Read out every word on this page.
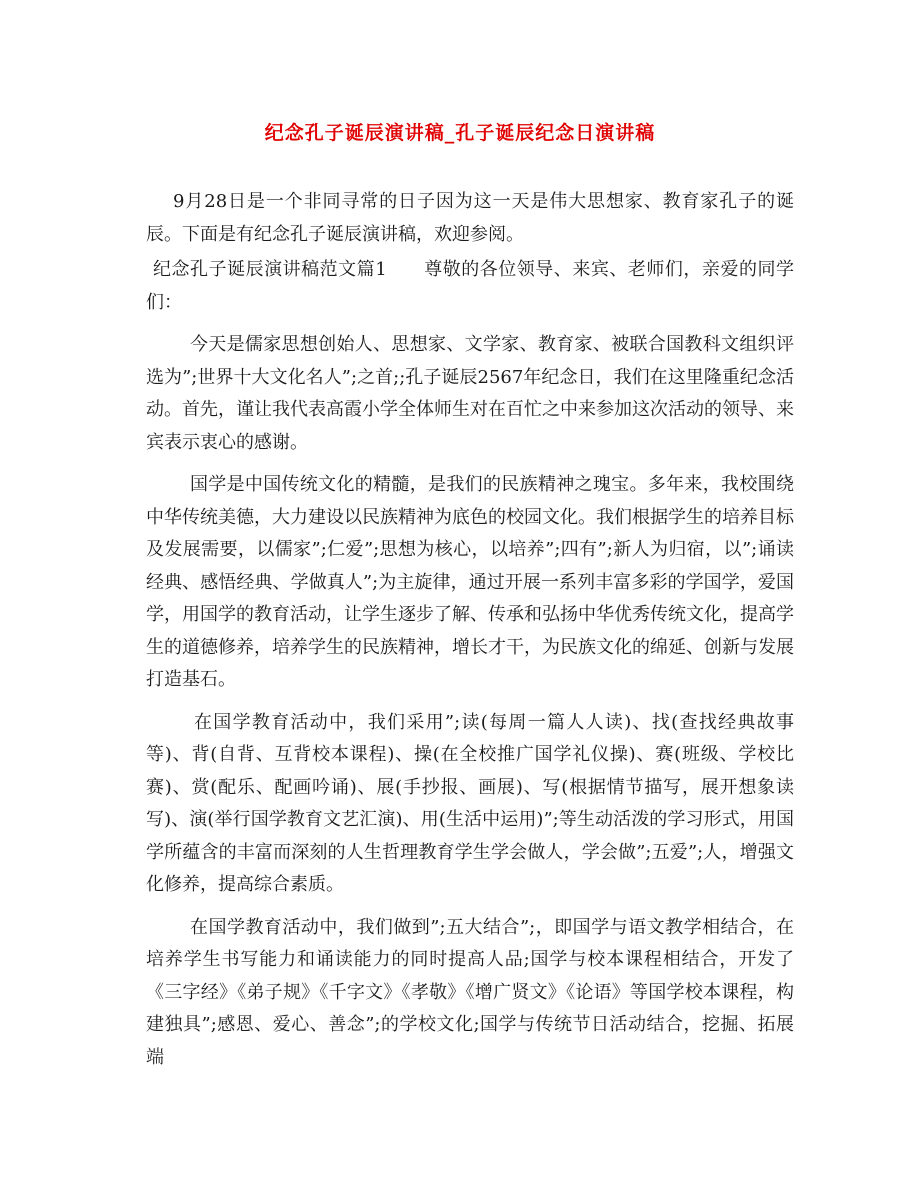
纪念孔子诞辰演讲稿_孔子诞辰纪念日演讲稿

9月28日是一个非同寻常的日子因为这一天是伟大思想家、教育家孔子的诞辰。下面是有纪念孔子诞辰演讲稿，欢迎参阅。

纪念孔子诞辰演讲稿范文篇1　　尊敬的各位领导、来宾、老师们，亲爱的同学们：

今天是儒家思想创始人、思想家、文学家、教育家、被联合国教科文组织评选为”;世界十大文化名人”;之首;;孔子诞辰2567年纪念日，我们在这里隆重纪念活动。首先，谨让我代表高霞小学全体师生对在百忙之中来参加这次活动的领导、来宾表示衷心的感谢。

国学是中国传统文化的精髓，是我们的民族精神之瑰宝。多年来，我校围绕中华传统美德，大力建设以民族精神为底色的校园文化。我们根据学生的培养目标及发展需要，以儒家”;仁爱”;思想为核心，以培养”;四有”;新人为归宿，以”;诵读经典、感悟经典、学做真人”;为主旋律，通过开展一系列丰富多彩的学国学，爱国学，用国学的教育活动，让学生逐步了解、传承和弘扬中华优秀传统文化，提高学生的道德修养，培养学生的民族精神，增长才干，为民族文化的绵延、创新与发展打造基石。

在国学教育活动中，我们采用”;读(每周一篇人人读)、找(查找经典故事等)、背(自背、互背校本课程)、操(在全校推广国学礼仪操)、赛(班级、学校比赛)、赏(配乐、配画吟诵)、展(手抄报、画展)、写(根据情节描写，展开想象读写)、演(举行国学教育文艺汇演)、用(生活中运用)”;等生动活泼的学习形式，用国学所蕴含的丰富而深刻的人生哲理教育学生学会做人，学会做”;五爱”;人，增强文化修养，提高综合素质。

在国学教育活动中，我们做到”;五大结合”;，即国学与语文教学相结合，在培养学生书写能力和诵读能力的同时提高人品;国学与校本课程相结合，开发了《三字经》《弟子规》《千字文》《孝敬》《增广贤文》《论语》等国学校本课程，构建独具”;感恩、爱心、善念”;的学校文化;国学与传统节日活动结合，挖掘、拓展端
